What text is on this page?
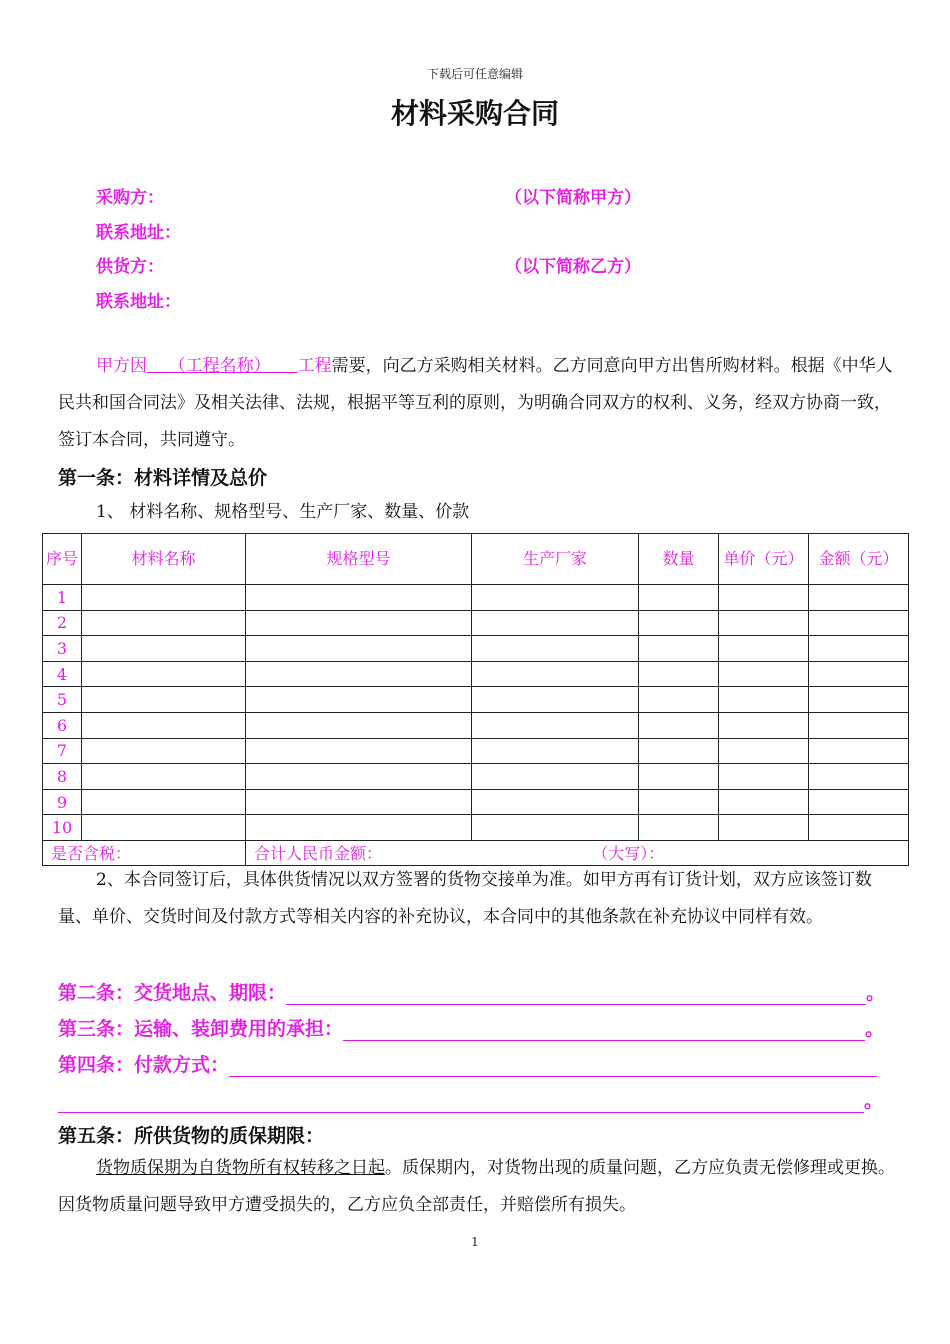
下载后可任意编辑
材料采购合同
采购方：	（以下简称甲方）
联系地址：
供货方：	（以下简称乙方）
联系地址：
甲方因 （工程名称） 工程需要，向乙方采购相关材料。乙方同意向甲方出售所购材料。根据《中华人民共和国合同法》及相关法律、法规，根据平等互利的原则，为明确合同双方的权利、义务，经双方协商一致，签订本合同，共同遵守。
第一条：材料详情及总价
1、 材料名称、规格型号、生产厂家、数量、价款
序号	材料名称	规格型号	生产厂家	数量	单价（元）	金额（元）
1						
2						
3						
4						
5						
6						
7						
8						
9						
10						
是否含税：		合计人民币金额： （大写）：				
2、本合同签订后，具体供货情况以双方签署的货物交接单为准。如甲方再有订货计划，双方应该签订数量、单价、交货时间及付款方式等相关内容的补充协议，本合同中的其他条款在补充协议中同样有效。
第二条：交货地点、期限：	。
第三条：运输、装卸费用的承担：	。
第四条：付款方式：
。
第五条：所供货物的质保期限：
货物质保期为自货物所有权转移之日起。质保期内，对货物出现的质量问题，乙方应负责无偿修理或更换。因货物质量问题导致甲方遭受损失的，乙方应负全部责任，并赔偿所有损失。
1
